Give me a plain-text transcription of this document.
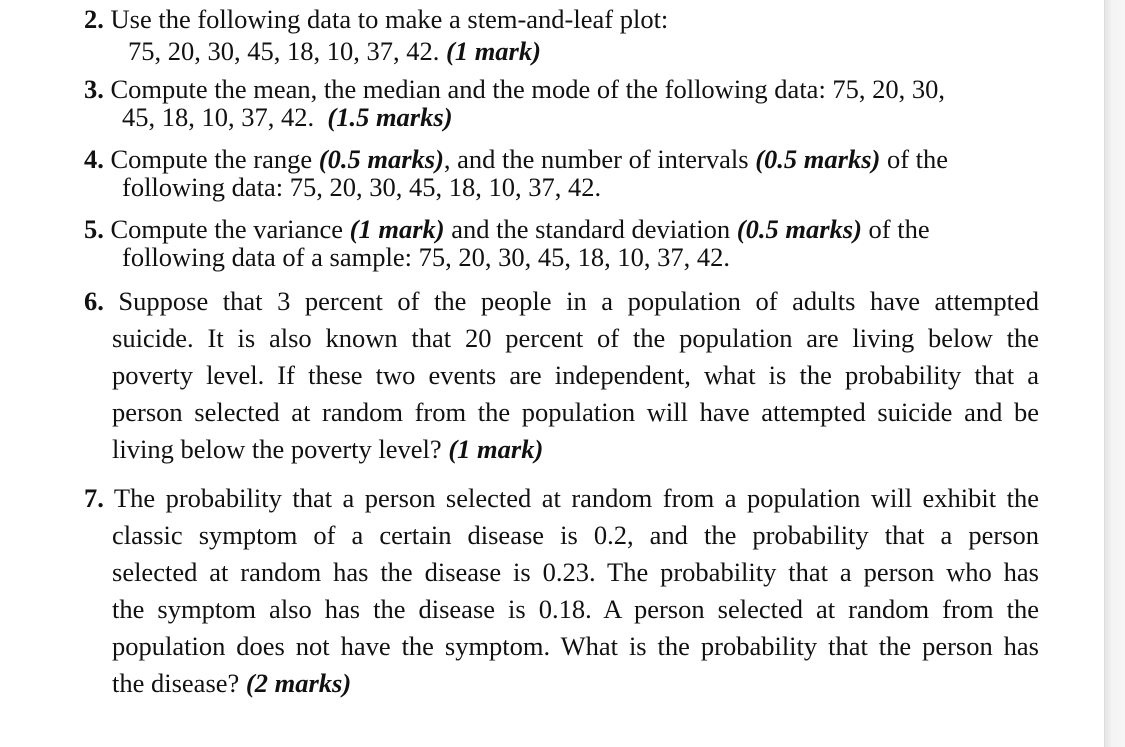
2. Use the following data to make a stem-and-leaf plot:
75, 20, 30, 45, 18, 10, 37, 42. (1 mark)

3. Compute the mean, the median and the mode of the following data: 75, 20, 30,
45, 18, 10, 37, 42. (1.5 marks)

4. Compute the range (0.5 marks), and the number of intervals (0.5 marks) of the
following data: 75, 20, 30, 45, 18, 10, 37, 42.

5. Compute the variance (1 mark) and the standard deviation (0.5 marks) of the
following data of a sample: 75, 20, 30, 45, 18, 10, 37, 42.

6. Suppose that 3 percent of the people in a population of adults have attempted
suicide. It is also known that 20 percent of the population are living below the
poverty level. If these two events are independent, what is the probability that a
person selected at random from the population will have attempted suicide and be
living below the poverty level? (1 mark)
7. The probability that a person selected at random from a population will exhibit the
classic symptom of a certain disease is 0.2, and the probability that a person
selected at random has the disease is 0.23. The probability that a person who has
the symptom also has the disease is 0.18. A person selected at random from the
population does not have the symptom. What is the probability that the person has
the disease? (2 marks)
